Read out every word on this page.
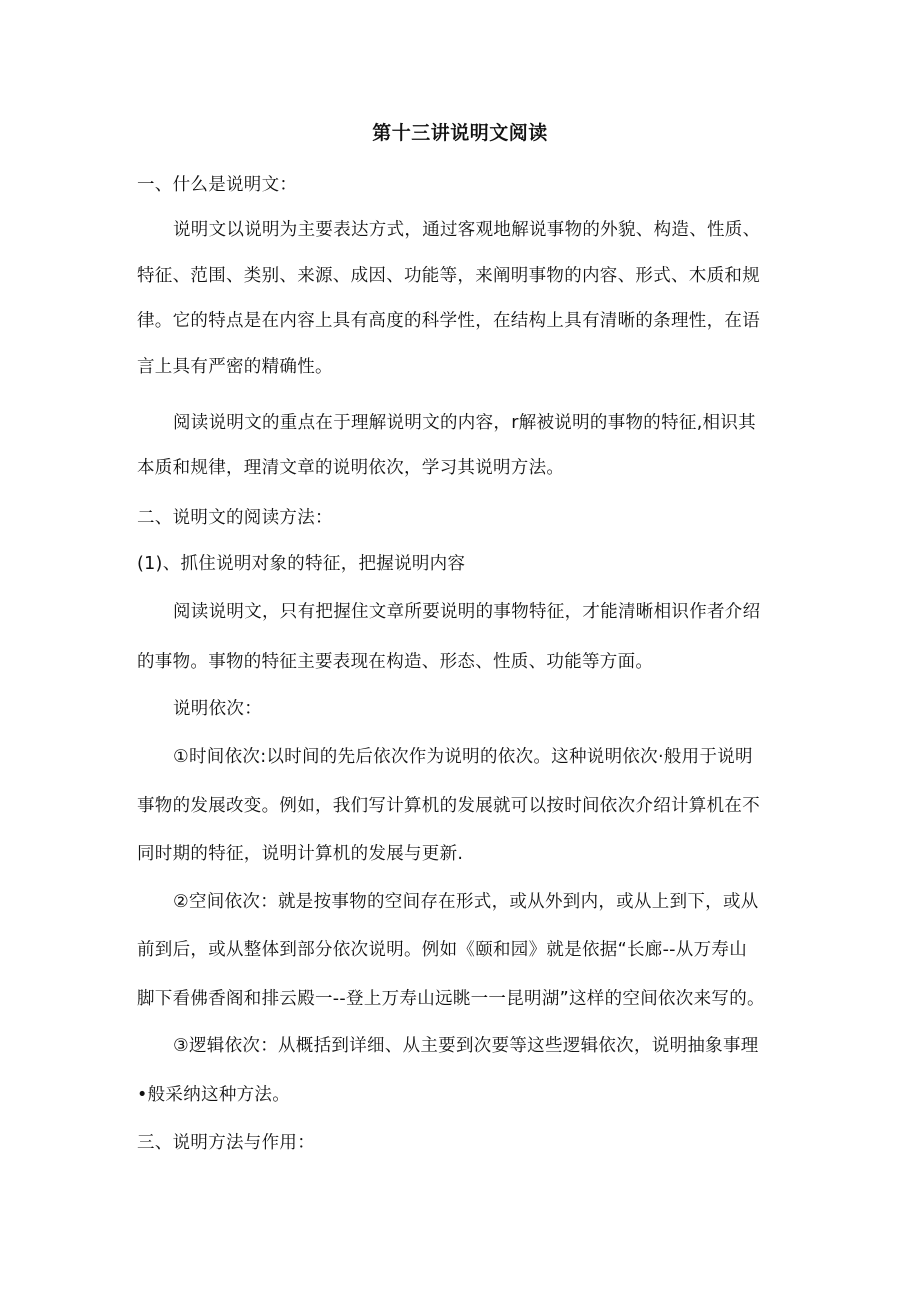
第十三讲说明文阅读
一、什么是说明文：
说明文以说明为主要表达方式，通过客观地解说事物的外貌、构造、性质、
特征、范围、类别、来源、成因、功能等，来阐明事物的内容、形式、木质和规
律。它的特点是在内容上具有高度的科学性，在结构上具有清晰的条理性，在语
言上具有严密的精确性。
阅读说明文的重点在于理解说明文的内容，r解被说明的事物的特征,相识其
本质和规律，理清文章的说明依次，学习其说明方法。
二、说明文的阅读方法：
(1)、抓住说明对象的特征，把握说明内容
阅读说明文，只有把握住文章所要说明的事物特征，才能清晰相识作者介绍
的事物。事物的特征主要表现在构造、形态、性质、功能等方面。
说明依次：
①时间依次:以时间的先后依次作为说明的依次。这种说明依次·般用于说明
事物的发展改变。例如，我们写计算机的发展就可以按时间依次介绍计算机在不
同时期的特征，说明计算机的发展与更新.
②空间依次：就是按事物的空间存在形式，或从外到内，或从上到下，或从
前到后，或从整体到部分依次说明。例如《颐和园》就是依据“长廊--从万寿山
脚下看佛香阁和排云殿一--登上万寿山远眺一一昆明湖”这样的空间依次来写的。
③逻辑依次：从概括到详细、从主要到次要等这些逻辑依次，说明抽象事理
•般采纳这种方法。
三、说明方法与作用：
